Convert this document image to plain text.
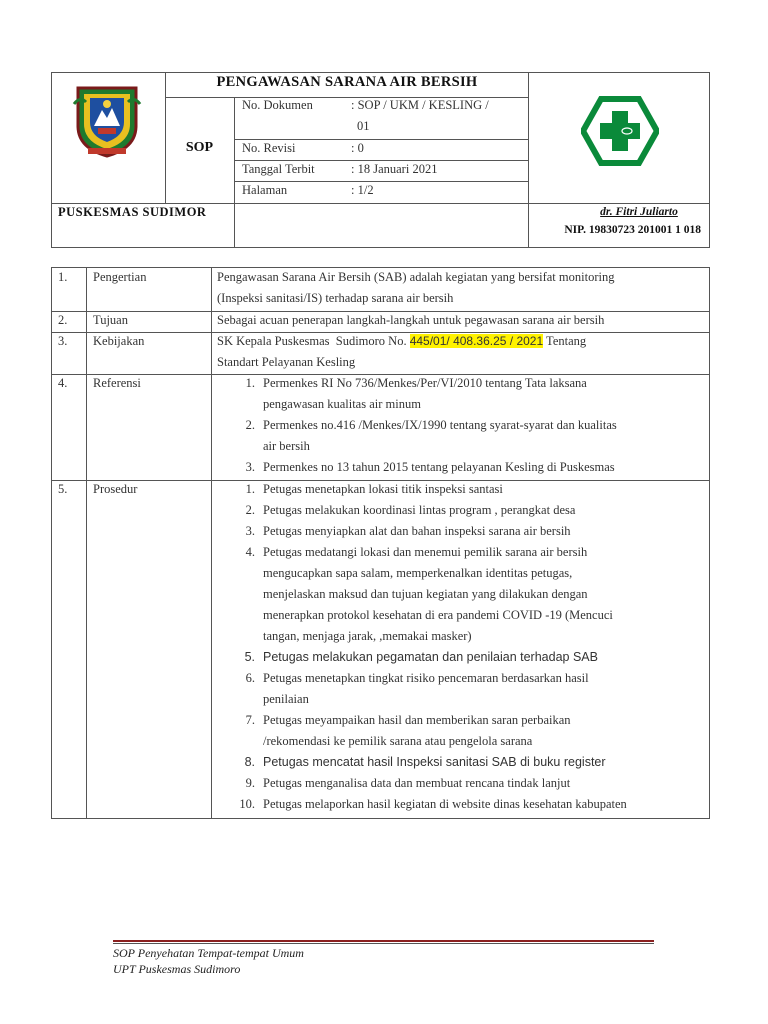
PENGAWASAN SARANA AIR BERSIH
SOP
No. Dokumen	: SOP / UKM / KESLING /
01
No. Revisi	: 0
Tanggal Terbit	: 18 Januari 2021
Halaman	: 1/2
PUSKESMAS SUDIMOR	dr. Fitri Juliarto
NIP. 19830723 201001 1 018
1. Pengertian	Pengawasan Sarana Air Bersih (SAB) adalah kegiatan yang bersifat monitoring
(Inspeksi sanitasi/IS) terhadap sarana air bersih
2. Tujuan	Sebagai acuan penerapan langkah-langkah untuk pegawasan sarana air bersih
3. Kebijakan	SK Kepala Puskesmas  Sudimoro No. 445/01/ 408.36.25 / 2021 Tentang
Standart Pelayanan Kesling
4. Referensi	1. Permenkes RI No 736/Menkes/Per/VI/2010 tentang Tata laksana
pengawasan kualitas air minum
2. Permenkes no.416 /Menkes/IX/1990 tentang syarat-syarat dan kualitas
air bersih
3. Permenkes no 13 tahun 2015 tentang pelayanan Kesling di Puskesmas
5. Prosedur	1. Petugas menetapkan lokasi titik inspeksi santasi
2. Petugas melakukan koordinasi lintas program , perangkat desa
3. Petugas menyiapkan alat dan bahan inspeksi sarana air bersih
4. Petugas medatangi lokasi dan menemui pemilik sarana air bersih
mengucapkan sapa salam, memperkenalkan identitas petugas,
menjelaskan maksud dan tujuan kegiatan yang dilakukan dengan
menerapkan protokol kesehatan di era pandemi COVID -19 (Mencuci
tangan, menjaga jarak, ,memakai masker)
5. Petugas melakukan pegamatan dan penilaian terhadap SAB
6. Petugas menetapkan tingkat risiko pencemaran berdasarkan hasil
penilaian
7. Petugas meyampaikan hasil dan memberikan saran perbaikan
/rekomendasi ke pemilik sarana atau pengelola sarana
8. Petugas mencatat hasil Inspeksi sanitasi SAB di buku register
9. Petugas menganalisa data dan membuat rencana tindak lanjut
10. Petugas melaporkan hasil kegiatan di website dinas kesehatan kabupaten
SOP Penyehatan Tempat-tempat Umum
UPT Puskesmas Sudimoro
